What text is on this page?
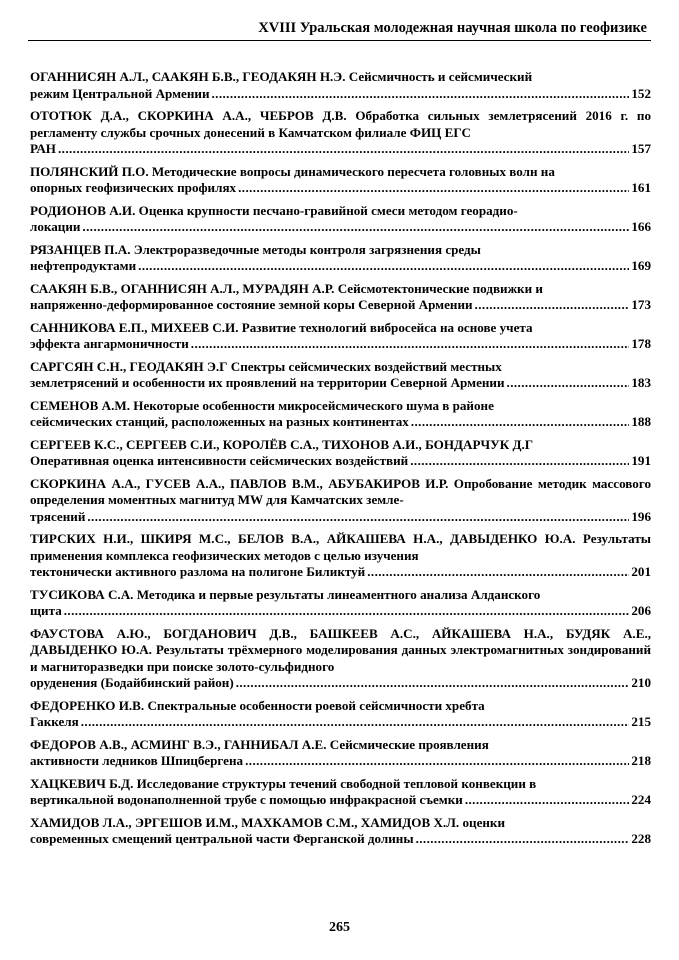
XVIII Уральская молодежная научная школа по геофизике
ОГАННИСЯН А.Л., СААКЯН Б.В., ГЕОДАКЯН Н.Э. Сейсмичность и сейсмический
режим Центральной Армении .....	152
ОТОТЮК Д.А., СКОРКИНА А.А., ЧЕБРОВ Д.В. Обработка сильных землетрясений 2016 г. по регламенту службы срочных донесений в Камчатском филиале ФИЦ ЕГС
РАН .....	157
ПОЛЯНСКИЙ П.О. Методические вопросы динамического пересчета головных волн на
опорных геофизических профилях .....	161
РОДИОНОВ А.И. Оценка крупности песчано-гравийной смеси методом георадио-
локации .....	166
РЯЗАНЦЕВ П.А. Электроразведочные методы контроля загрязнения среды
нефтепродуктами .....	169
СААКЯН Б.В., ОГАННИСЯН А.Л., МУРАДЯН А.Р. Сейсмотектонические подвижки и
напряженно-деформированное состояние земной коры Северной Армении .....	173
САННИКОВА Е.П., МИХЕЕВ С.И. Развитие технологий вибросейса на основе учета
эффекта ангармоничности .....	178
САРГСЯН С.Н., ГЕОДАКЯН Э.Г Спектры сейсмических воздействий местных
землетрясений и особенности их проявлений на территории Северной Армении .....	183
СЕМЕНОВ А.М. Некоторые особенности микросейсмического шума в районе
сейсмических станций, расположенных на разных континентах .....	188
СЕРГЕЕВ К.С., СЕРГЕЕВ С.И., КОРОЛЁВ С.А., ТИХОНОВ А.И., БОНДАРЧУК Д.Г
Оперативная оценка интенсивности сейсмических воздействий .....	191
СКОРКИНА А.А., ГУСЕВ А.А., ПАВЛОВ В.М., АБУБАКИРОВ И.Р. Опробование методик массового определения моментных магнитуд MW для Камчатских земле-
трясений .....	196
ТИРСКИХ Н.И., ШКИРЯ М.С., БЕЛОВ В.А., АЙКАШЕВА Н.А., ДАВЫДЕНКО Ю.А. Результаты применения комплекса геофизических методов с целью изучения
тектонически активного разлома на полигоне Биликтуй .....	201
ТУСИКОВА С.А. Методика и первые результаты линеаментного анализа Алданского
щита .....	206
ФАУСТОВА А.Ю., БОГДАНОВИЧ Д.В., БАШКЕЕВ А.С., АЙКАШЕВА Н.А., БУДЯК А.Е., ДАВЫДЕНКО Ю.А. Результаты трёхмерного моделирования данных электромагнитных зондирований и магниторазведки при поиске золото-сульфидного
оруденения (Бодайбинский район) .....	210
ФЕДОРЕНКО И.В. Спектральные особенности роевой сейсмичности хребта
Гаккеля .....	215
ФЕДОРОВ А.В., АСМИНГ В.Э., ГАННИБАЛ А.Е. Сейсмические проявления
активности ледников Шпицбергена .....	218
ХАЦКЕВИЧ Б.Д. Исследование структуры течений свободной тепловой конвекции в
вертикальной водонаполненной трубе с помощью инфракрасной съемки .....	224
ХАМИДОВ Л.А., ЭРГЕШОВ И.М., МАХКАМОВ С.М., ХАМИДОВ Х.Л. оценки
современных смещений центральной части Ферганской долины .....	228
265
